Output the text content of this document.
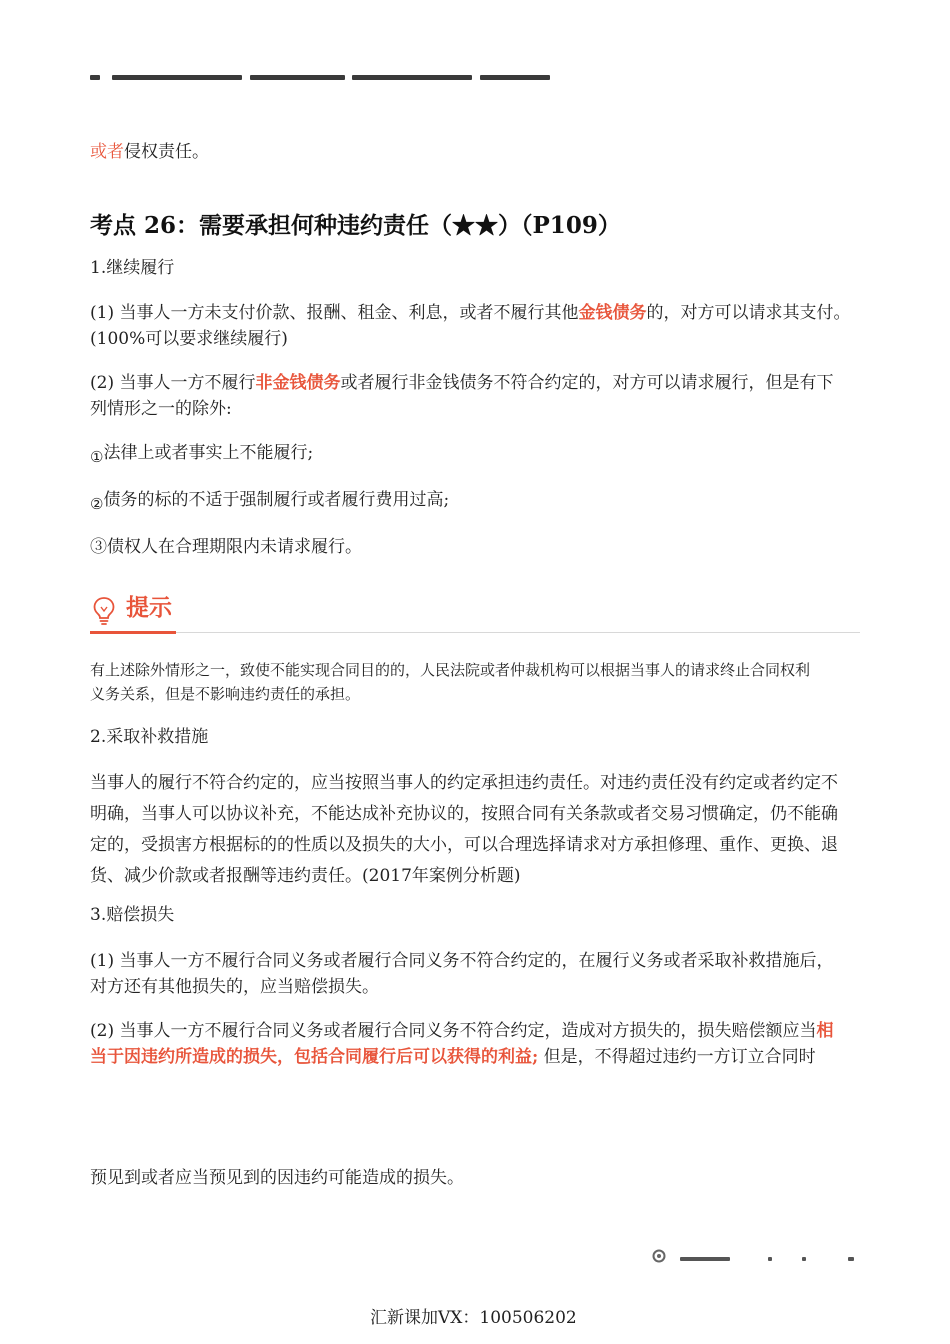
或者侵权责任。
考点 26：需要承担何种违约责任（★★）（P109）
1.继续履行
(1) 当事人一方未支付价款、报酬、租金、利息，或者不履行其他金钱债务的，对方可以请求其支付。
(100%可以要求继续履行)
(2) 当事人一方不履行非金钱债务或者履行非金钱债务不符合约定的，对方可以请求履行，但是有下
列情形之一的除外:
①法律上或者事实上不能履行;
②债务的标的不适于强制履行或者履行费用过高;
③债权人在合理期限内未请求履行。
提示
有上述除外情形之一，致使不能实现合同目的的，人民法院或者仲裁机构可以根据当事人的请求终止合同权利
义务关系，但是不影响违约责任的承担。
2.采取补救措施
当事人的履行不符合约定的，应当按照当事人的约定承担违约责任。对违约责任没有约定或者约定不
明确，当事人可以协议补充，不能达成补充协议的，按照合同有关条款或者交易习惯确定，仍不能确
定的，受损害方根据标的的性质以及损失的大小，可以合理选择请求对方承担修理、重作、更换、退
货、减少价款或者报酬等违约责任。(2017年案例分析题)
3.赔偿损失
(1) 当事人一方不履行合同义务或者履行合同义务不符合约定的，在履行义务或者采取补救措施后，
对方还有其他损失的，应当赔偿损失。
(2) 当事人一方不履行合同义务或者履行合同义务不符合约定，造成对方损失的，损失赔偿额应当相
当于因违约所造成的损失，包括合同履行后可以获得的利益; 但是，不得超过违约一方订立合同时
预见到或者应当预见到的因违约可能造成的损失。
汇新课加VX：100506202
